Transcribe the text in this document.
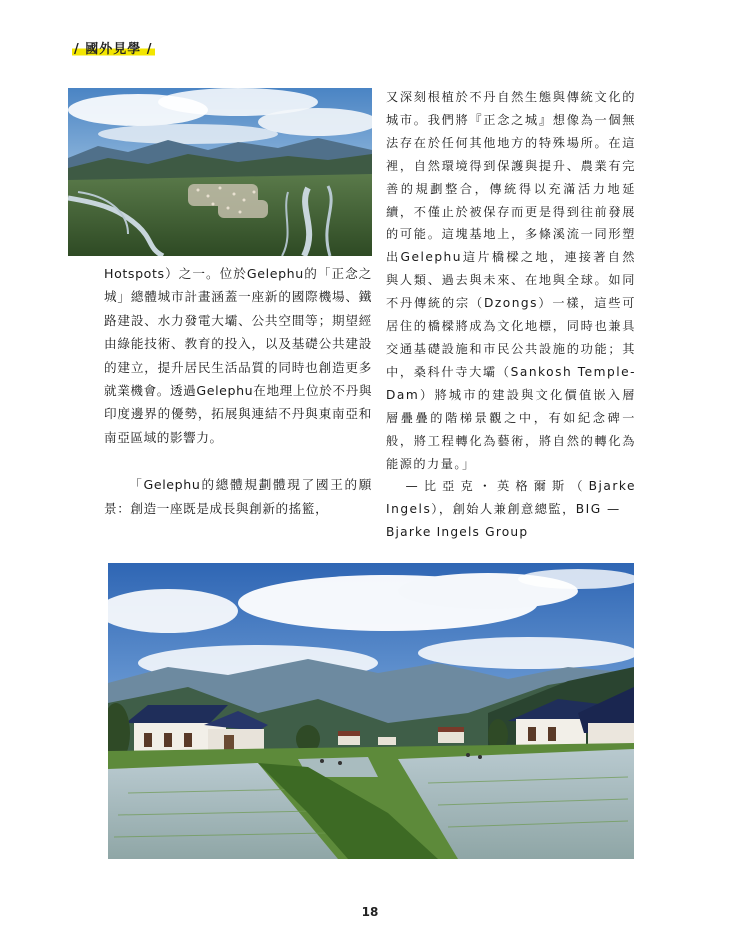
/ 國外見學 /

Hotspots）之一。位於Gelephu的「正念之城」總體城市計畫涵蓋一座新的國際機場、鐵路建設、水力發電大壩、公共空間等；期望經由綠能技術、教育的投入，以及基礎公共建設的建立，提升居民生活品質的同時也創造更多就業機會。透過Gelephu在地理上位於不丹與印度邊界的優勢，拓展與連結不丹與東南亞和南亞區域的影響力。

「Gelephu的總體規劃體現了國王的願景：創造一座既是成長與創新的搖籃，

又深刻根植於不丹自然生態與傳統文化的城市。我們將『正念之城』想像為一個無法存在於任何其他地方的特殊場所。在這裡，自然環境得到保護與提升、農業有完善的規劃整合，傳統得以充滿活力地延續，不僅止於被保存而更是得到往前發展的可能。這塊基地上，多條溪流一同形塑出Gelephu這片橋樑之地，連接著自然與人類、過去與未來、在地與全球。如同不丹傳統的宗（Dzongs）一樣，這些可居住的橋樑將成為文化地標，同時也兼具交通基礎設施和市民公共設施的功能；其中，桑科什寺大壩（Sankosh Temple-Dam）將城市的建設與文化價值嵌入層層疊疊的階梯景觀之中，有如紀念碑一般，將工程轉化為藝術，將自然的轉化為能源的力量。」

—比亞克・英格爾斯（Bjarke Ingels），創始人兼創意總監，BIG —

Bjarke Ingels Group

18
